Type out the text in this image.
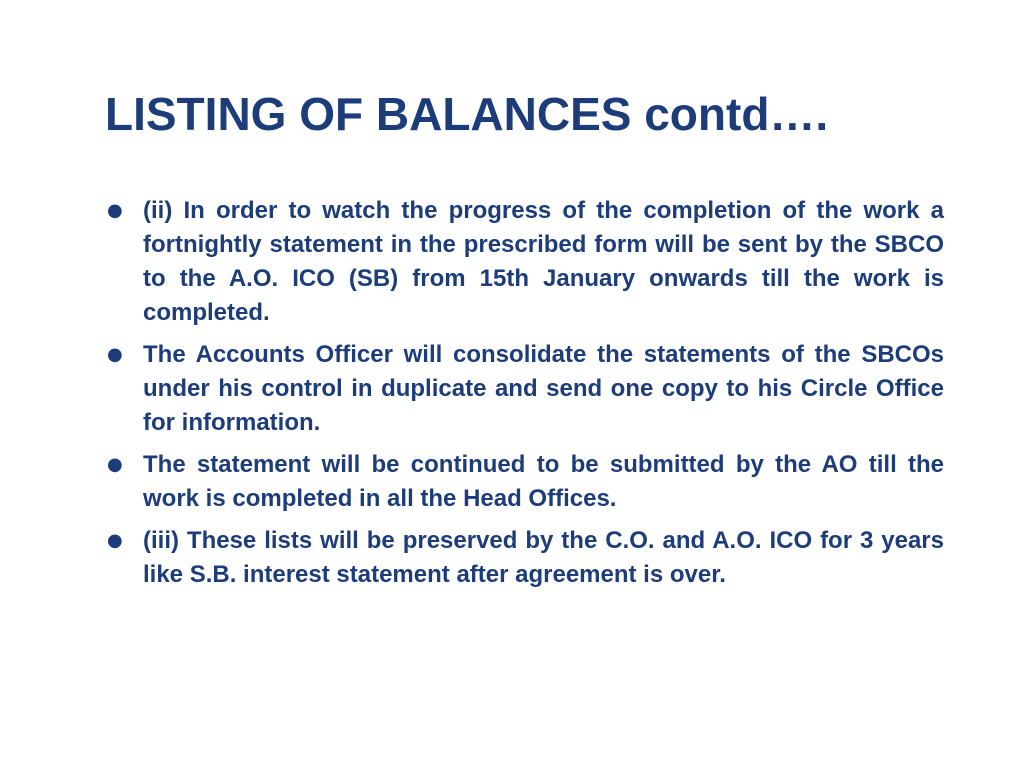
LISTING OF BALANCES contd….
● (ii) In order to watch the progress of the completion of the work a fortnightly statement in the prescribed form will be sent by the SBCO to the A.O. ICO (SB) from 15th January onwards till the work is completed.
● The Accounts Officer will consolidate the statements of the SBCOs under his control in duplicate and send one copy to his Circle Office for information.
● The statement will be continued to be submitted by the AO till the work is completed in all the Head Offices.
● (iii) These lists will be preserved by the C.O. and A.O. ICO for 3 years like S.B. interest statement after agreement is over.
